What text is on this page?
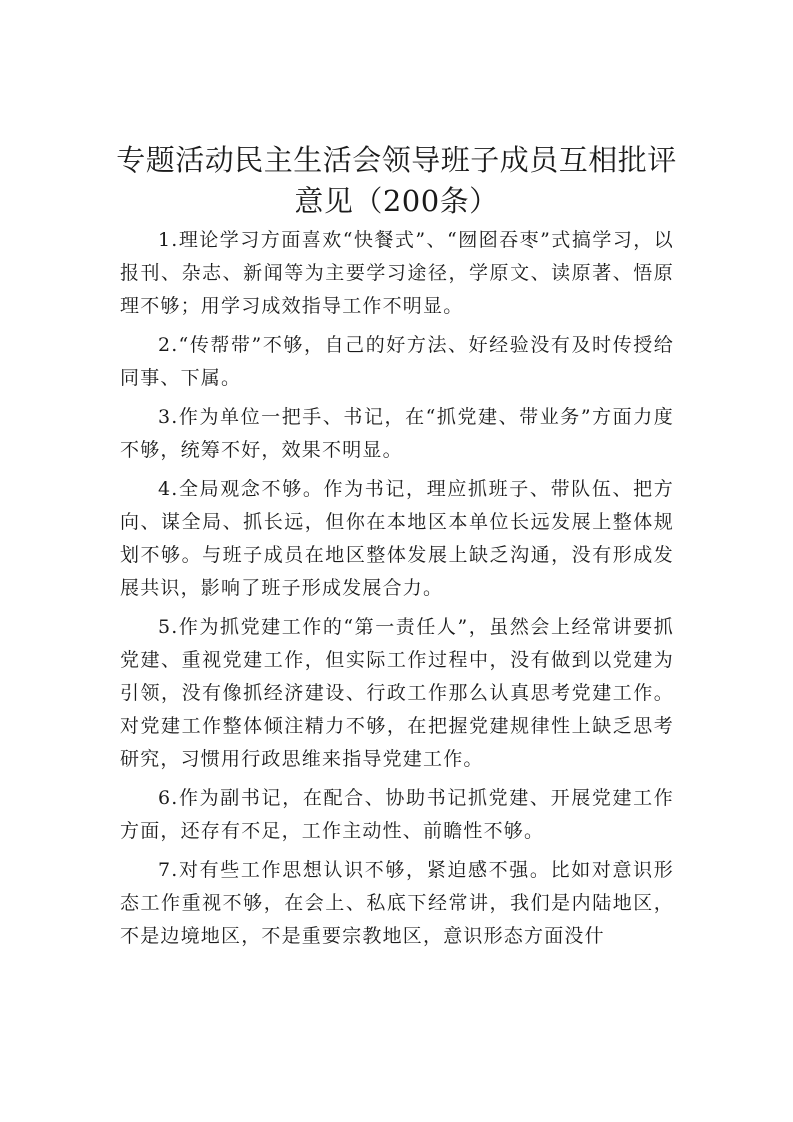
专题活动民主生活会领导班子成员互相批评意见（200条）

1.理论学习方面喜欢“快餐式”、“囫囵吞枣”式搞学习，以报刊、杂志、新闻等为主要学习途径，学原文、读原著、悟原理不够；用学习成效指导工作不明显。

2.“传帮带”不够，自己的好方法、好经验没有及时传授给同事、下属。

3.作为单位一把手、书记，在“抓党建、带业务”方面力度不够，统筹不好，效果不明显。

4.全局观念不够。作为书记，理应抓班子、带队伍、把方向、谋全局、抓长远，但你在本地区本单位长远发展上整体规划不够。与班子成员在地区整体发展上缺乏沟通，没有形成发展共识，影响了班子形成发展合力。

5.作为抓党建工作的“第一责任人”，虽然会上经常讲要抓党建、重视党建工作，但实际工作过程中，没有做到以党建为引领，没有像抓经济建设、行政工作那么认真思考党建工作。对党建工作整体倾注精力不够，在把握党建规律性上缺乏思考研究，习惯用行政思维来指导党建工作。

6.作为副书记，在配合、协助书记抓党建、开展党建工作方面，还存有不足，工作主动性、前瞻性不够。

7.对有些工作思想认识不够，紧迫感不强。比如对意识形态工作重视不够，在会上、私底下经常讲，我们是内陆地区，不是边境地区，不是重要宗教地区，意识形态方面没什
